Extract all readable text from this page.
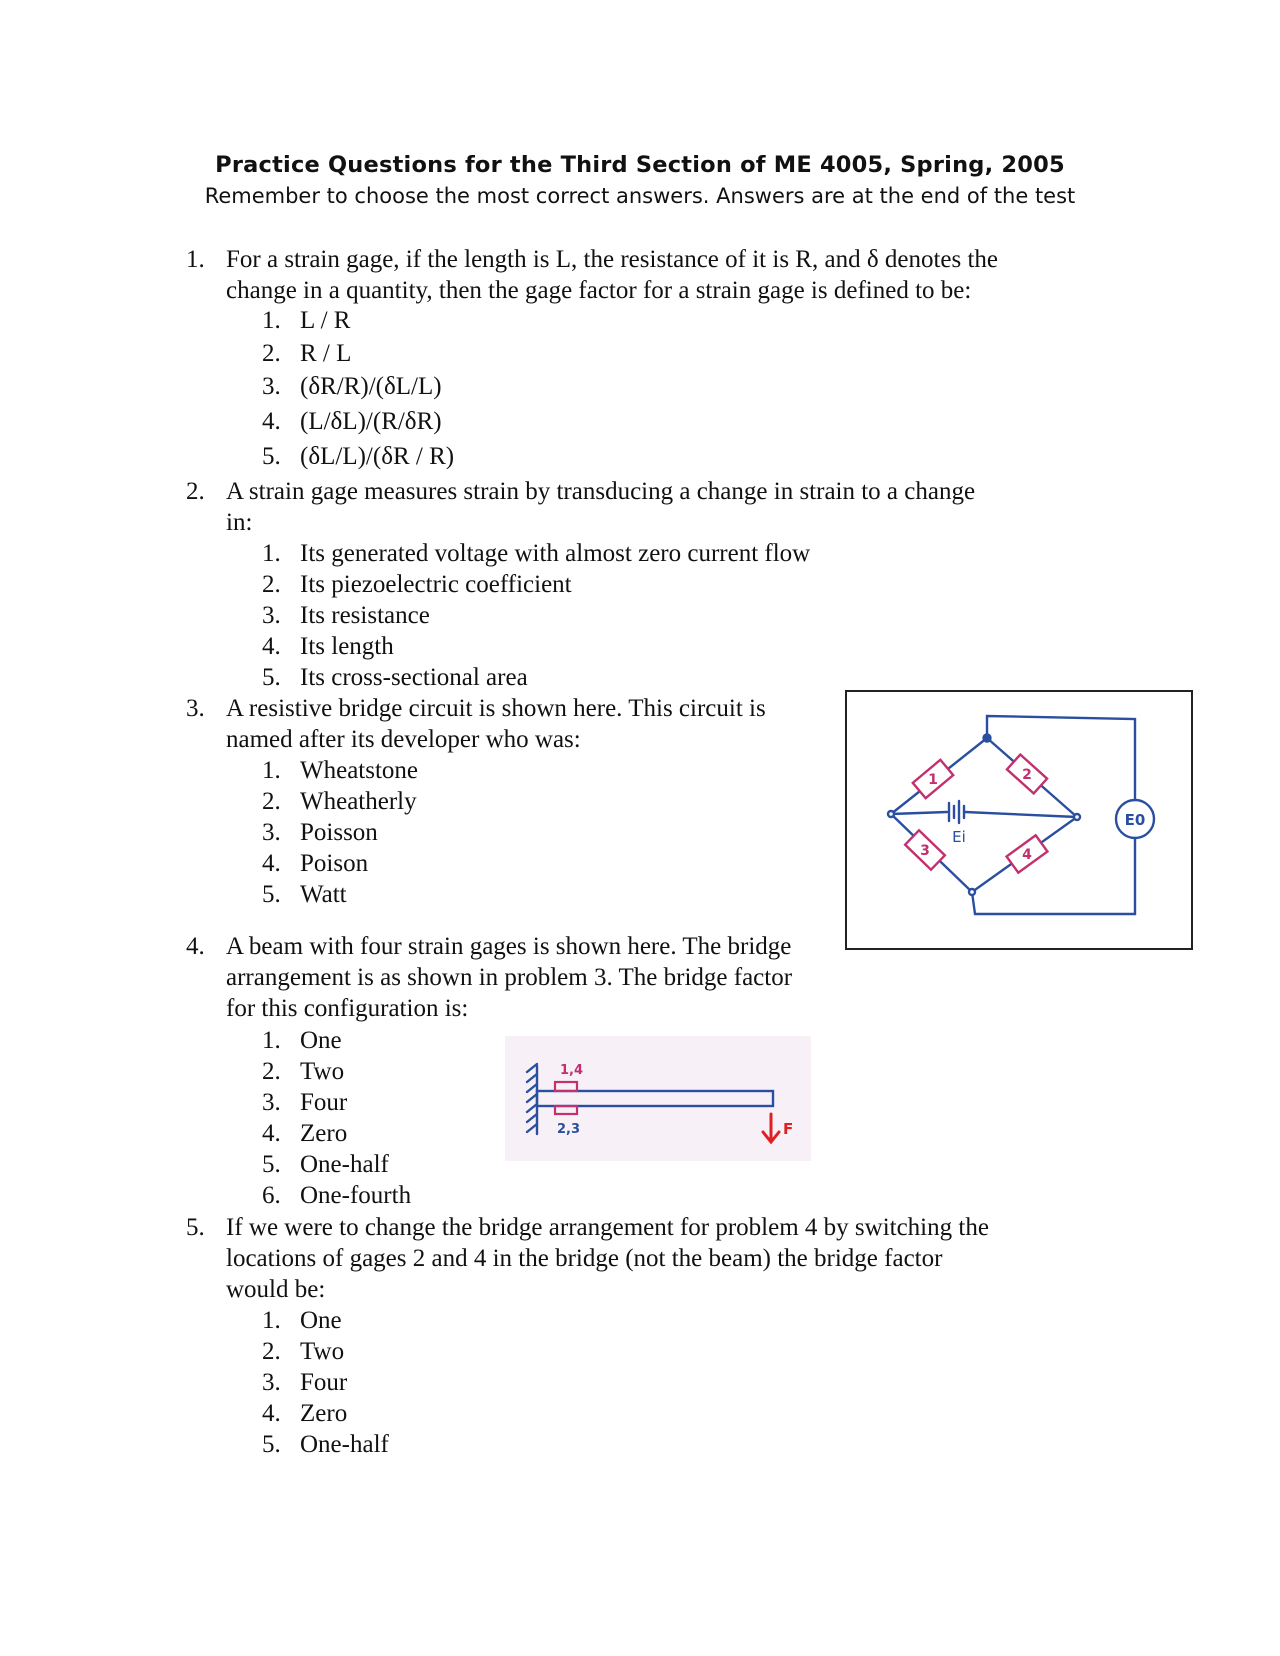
Practice Questions for the Third Section of ME 4005, Spring, 2005
Remember to choose the most correct answers. Answers are at the end of the test
1. For a strain gage, if the length is L, the resistance of it is R, and δ denotes the
change in a quantity, then the gage factor for a strain gage is defined to be:
1. L / R
2. R / L
3. (δR/R)/(δL/L)
4. (L/δL)/(R/δR)
5. (δL/L)/(δR / R)
2. A strain gage measures strain by transducing a change in strain to a change
in:
1. Its generated voltage with almost zero current flow
2. Its piezoelectric coefficient
3. Its resistance
4. Its length
5. Its cross-sectional area
3. A resistive bridge circuit is shown here. This circuit is
named after its developer who was:
1. Wheatstone
2. Wheatherly
3. Poisson
4. Poison
5. Watt
1	2
3	4
Ei
E0
4. A beam with four strain gages is shown here. The bridge
arrangement is as shown in problem 3. The bridge factor
for this configuration is:
1. One
2. Two
3. Four
4. Zero
5. One-half
6. One-fourth
1,4
2,3	F
5. If we were to change the bridge arrangement for problem 4 by switching the
locations of gages 2 and 4 in the bridge (not the beam) the bridge factor
would be:
1. One
2. Two
3. Four
4. Zero
5. One-half
